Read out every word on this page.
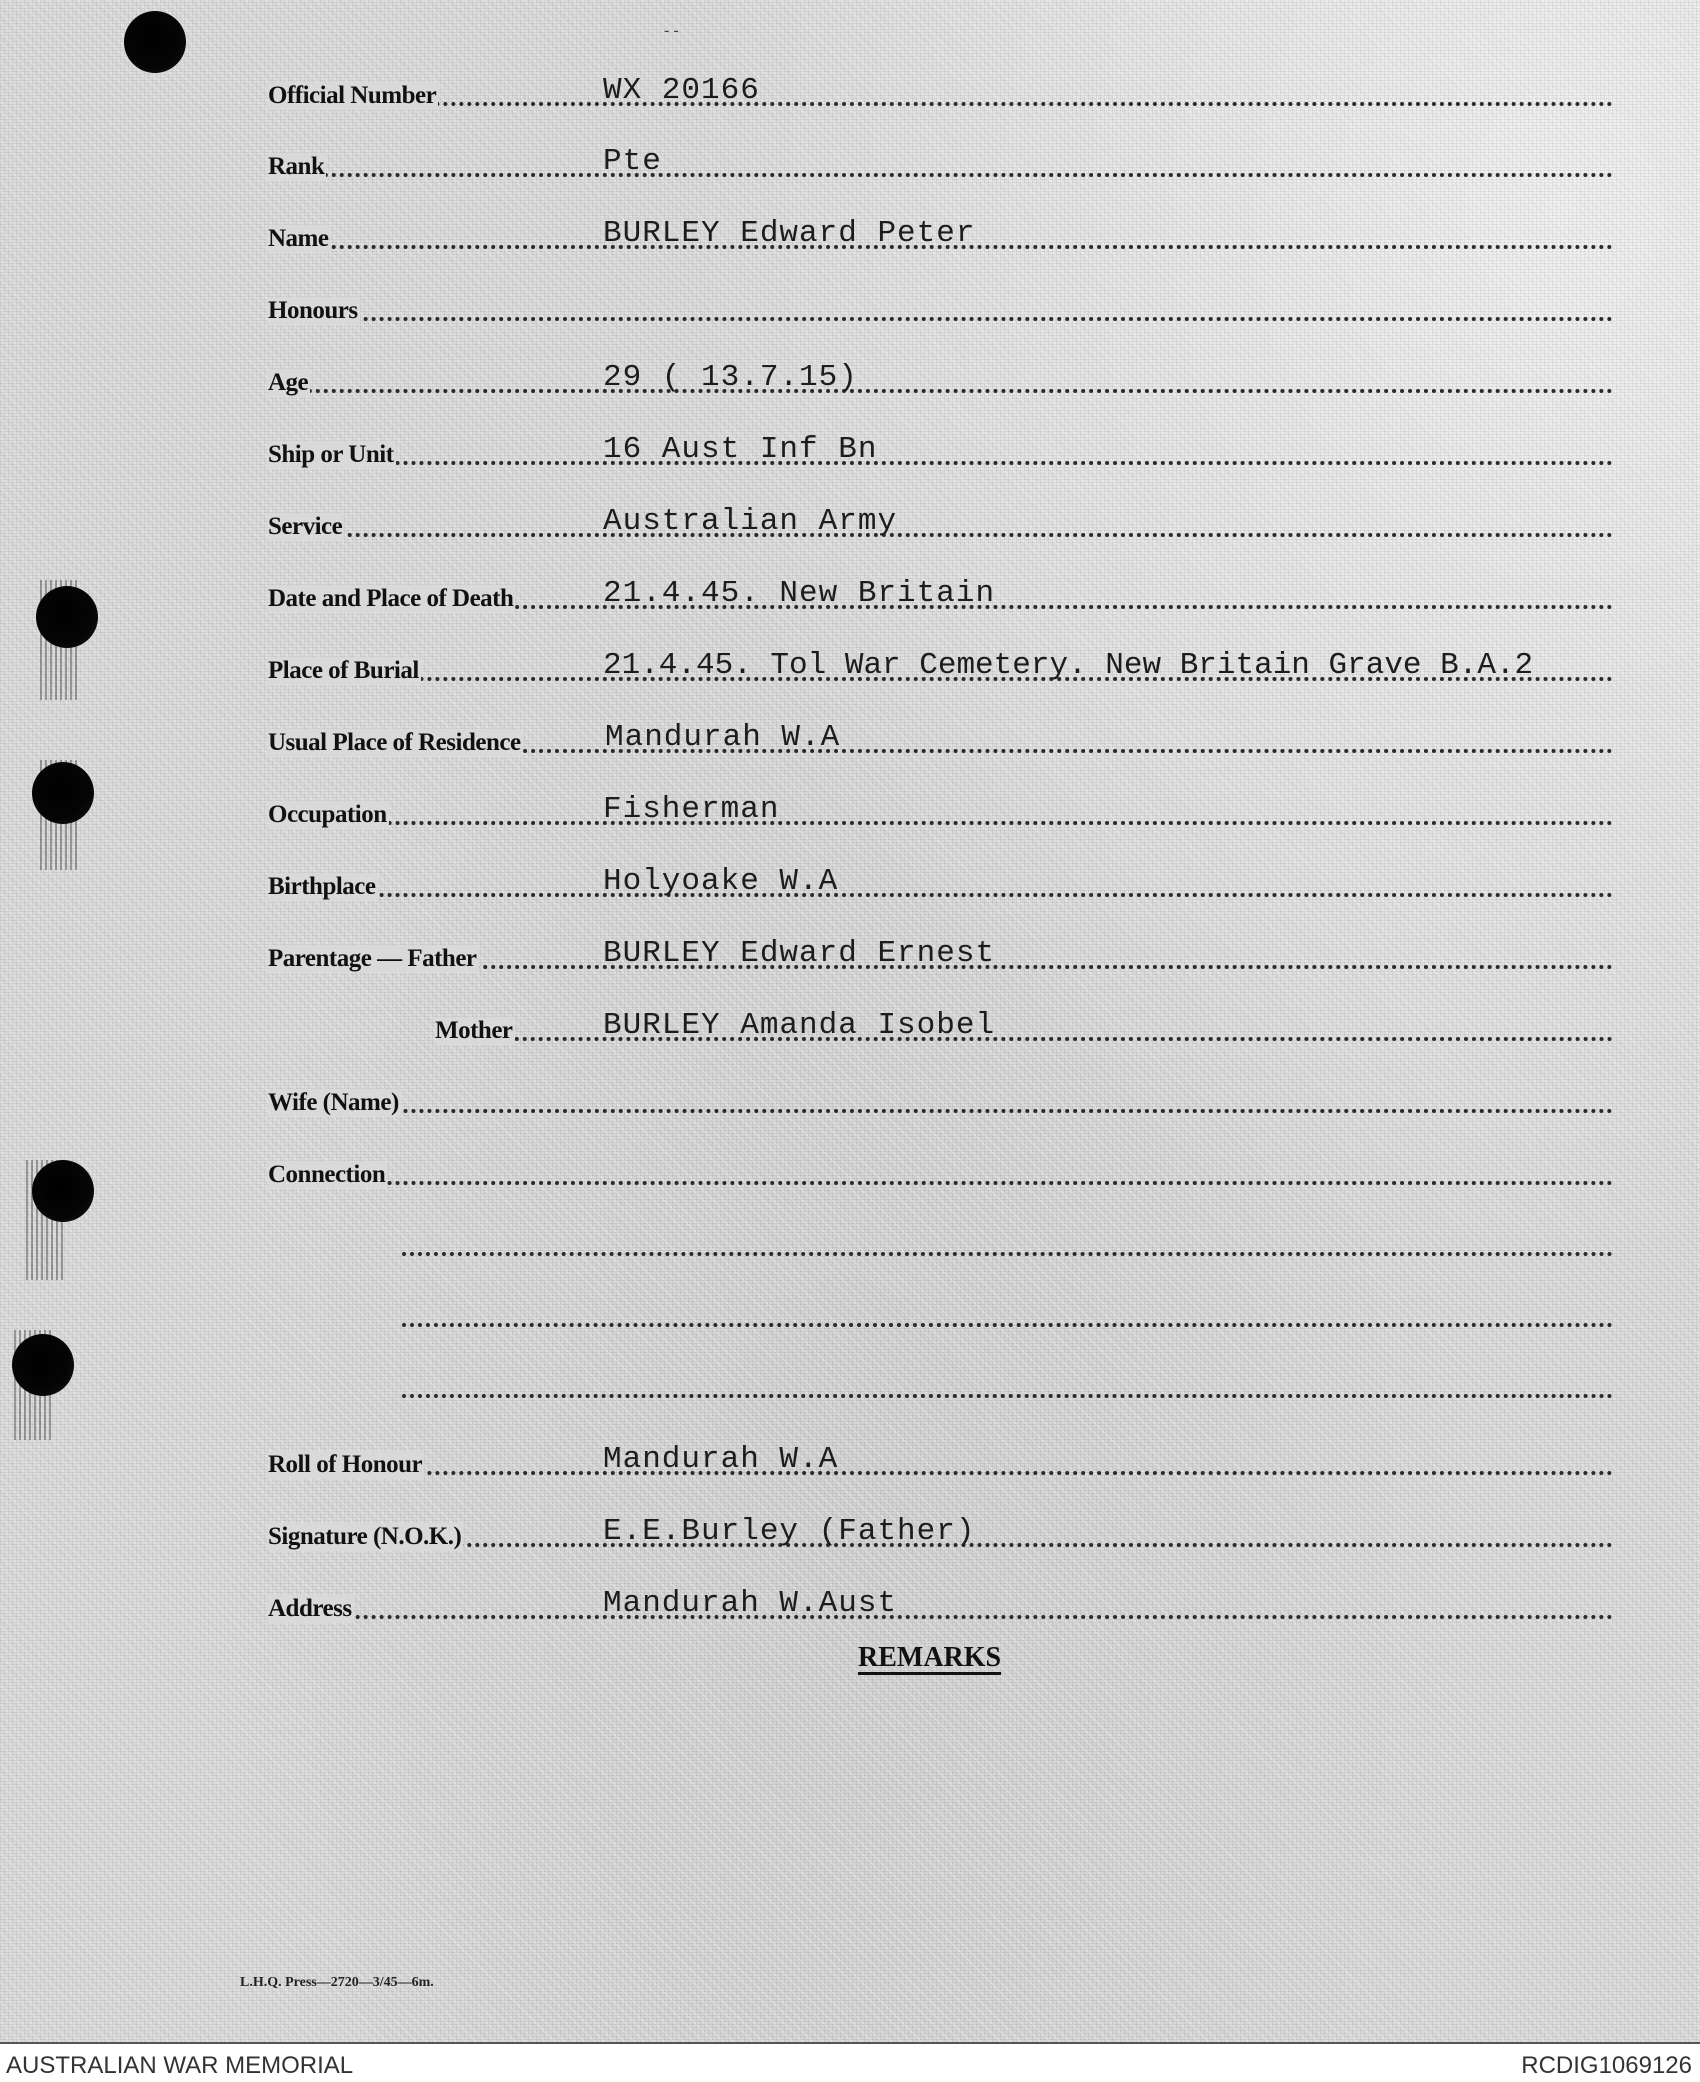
‐ ‐
Official Number	WX 20166
Rank	Pte
Name	BURLEY Edward Peter
Honours
Age	29 ( 13.7.15)
Ship or Unit	16 Aust Inf Bn
Service	Australian Army
Date and Place of Death	21.4.45. New Britain
Place of Burial	21.4.45. Tol War Cemetery. New Britain Grave B.A.2
Usual Place of Residence	Mandurah W.A
Occupation	Fisherman
Birthplace	Holyoake W.A
Parentage — Father	BURLEY Edward Ernest
Mother	BURLEY Amanda Isobel
Wife (Name)
Connection
Roll of Honour	Mandurah W.A
Signature (N.O.K.)	E.E.Burley (Father)
Address	Mandurah W.Aust
REMARKS
L.H.Q. Press—2720—3/45—6m.
AUSTRALIAN WAR MEMORIAL	RCDIG1069126
